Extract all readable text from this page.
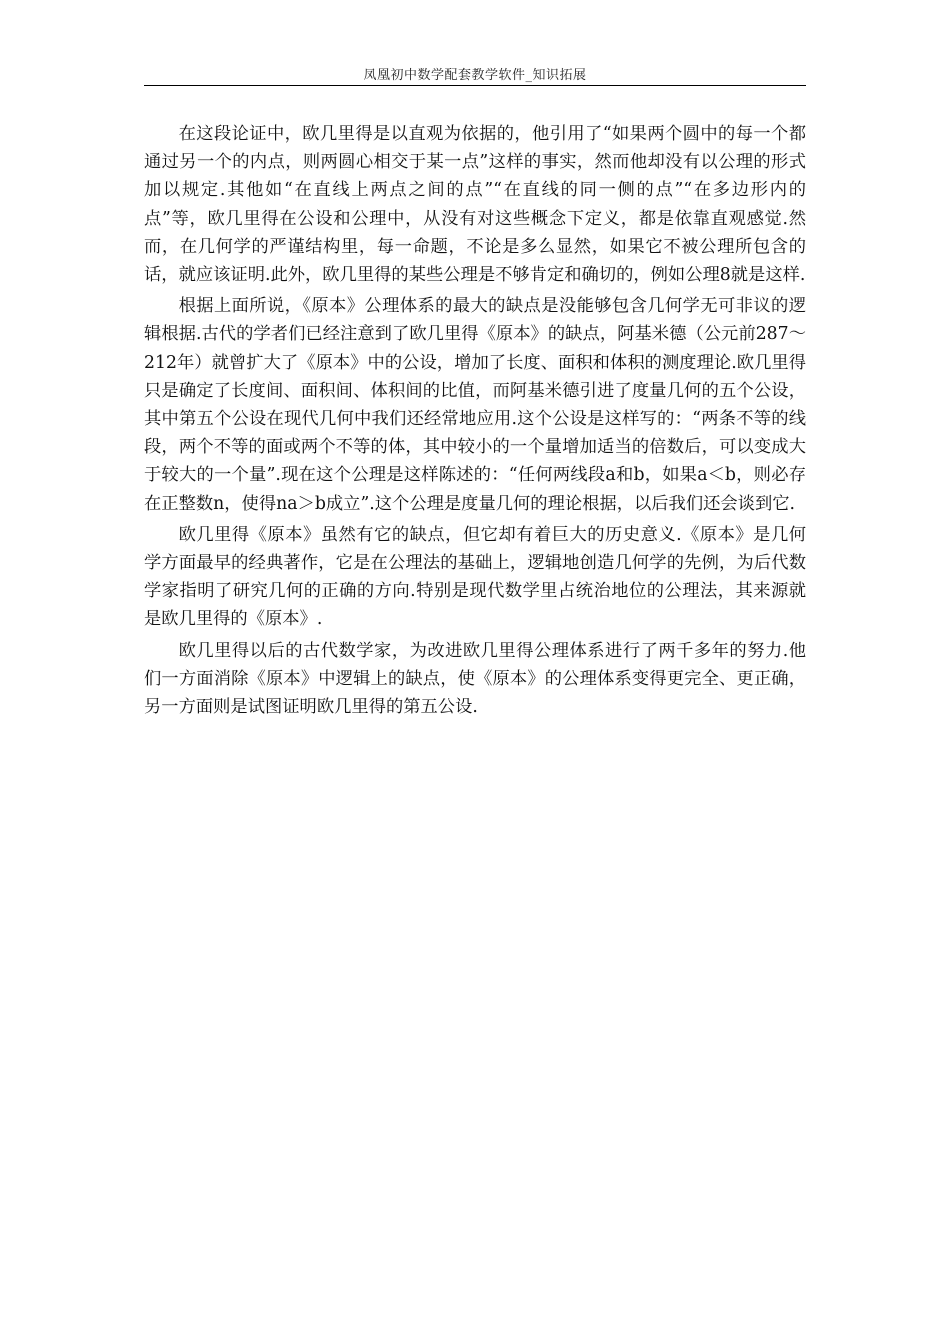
凤凰初中数学配套教学软件_知识拓展

在这段论证中，欧几里得是以直观为依据的，他引用了“如果两个圆中的每一个都通过另一个的内点，则两圆心相交于某一点”这样的事实，然而他却没有以公理的形式加以规定.其他如“在直线上两点之间的点”“在直线的同一侧的点”“在多边形内的点”等，欧几里得在公设和公理中，从没有对这些概念下定义，都是依靠直观感觉.然而，在几何学的严谨结构里，每一命题，不论是多么显然，如果它不被公理所包含的话，就应该证明.此外，欧几里得的某些公理是不够肯定和确切的，例如公理8就是这样.

根据上面所说，《原本》公理体系的最大的缺点是没能够包含几何学无可非议的逻辑根据.古代的学者们已经注意到了欧几里得《原本》的缺点，阿基米德（公元前287～212年）就曾扩大了《原本》中的公设，增加了长度、面积和体积的测度理论.欧几里得只是确定了长度间、面积间、体积间的比值，而阿基米德引进了度量几何的五个公设，其中第五个公设在现代几何中我们还经常地应用.这个公设是这样写的：“两条不等的线段，两个不等的面或两个不等的体，其中较小的一个量增加适当的倍数后，可以变成大于较大的一个量”.现在这个公理是这样陈述的：“任何两线段a和b，如果a＜b，则必存在正整数n，使得na＞b成立”.这个公理是度量几何的理论根据，以后我们还会谈到它.

欧几里得《原本》虽然有它的缺点，但它却有着巨大的历史意义.《原本》是几何学方面最早的经典著作，它是在公理法的基础上，逻辑地创造几何学的先例，为后代数学家指明了研究几何的正确的方向.特别是现代数学里占统治地位的公理法，其来源就是欧几里得的《原本》.

欧几里得以后的古代数学家，为改进欧几里得公理体系进行了两千多年的努力.他们一方面消除《原本》中逻辑上的缺点，使《原本》的公理体系变得更完全、更正确，另一方面则是试图证明欧几里得的第五公设.
